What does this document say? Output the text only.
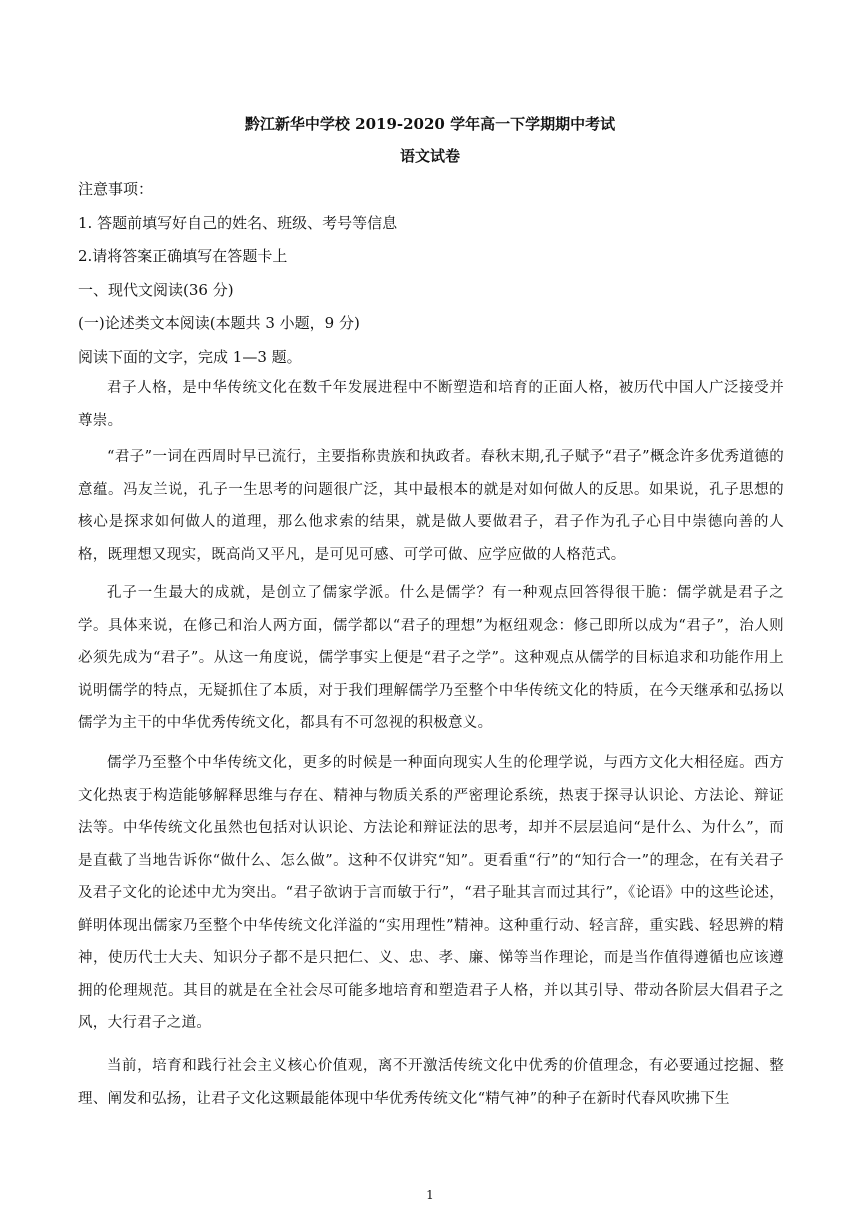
黔江新华中学校 2019-2020 学年高一下学期期中考试
语文试卷
注意事项：
1. 答题前填写好自己的姓名、班级、考号等信息
2.请将答案正确填写在答题卡上
一、现代文阅读(36 分)
(一)论述类文本阅读(本题共 3 小题，9 分)
阅读下面的文字，完成 1—3 题。
君子人格，是中华传统文化在数千年发展进程中不断塑造和培育的正面人格，被历代中国人广泛接受并尊崇。
“君子”一词在西周时早已流行，主要指称贵族和执政者。春秋末期,孔子赋予“君子”概念许多优秀道德的意蕴。冯友兰说，孔子一生思考的问题很广泛，其中最根本的就是对如何做人的反思。如果说，孔子思想的核心是探求如何做人的道理，那么他求索的结果，就是做人要做君子，君子作为孔子心目中崇德向善的人格，既理想又现实，既高尚又平凡，是可见可感、可学可做、应学应做的人格范式。
孔子一生最大的成就，是创立了儒家学派。什么是儒学？有一种观点回答得很干脆：儒学就是君子之学。具体来说，在修己和治人两方面，儒学都以“君子的理想”为枢纽观念：修己即所以成为“君子”，治人则必须先成为“君子”。从这一角度说，儒学事实上便是“君子之学”。这种观点从儒学的目标追求和功能作用上说明儒学的特点，无疑抓住了本质，对于我们理解儒学乃至整个中华传统文化的特质，在今天继承和弘扬以儒学为主干的中华优秀传统文化，都具有不可忽视的积极意义。
儒学乃至整个中华传统文化，更多的时候是一种面向现实人生的伦理学说，与西方文化大相径庭。西方文化热衷于构造能够解释思维与存在、精神与物质关系的严密理论系统，热衷于探寻认识论、方法论、辩证法等。中华传统文化虽然也包括对认识论、方法论和辩证法的思考，却并不层层追问“是什么、为什么”，而是直截了当地告诉你“做什么、怎么做”。这种不仅讲究“知”。更看重“行”的“知行合一”的理念，在有关君子及君子文化的论述中尤为突出。“君子欲讷于言而敏于行”，“君子耻其言而过其行”，《论语》中的这些论述，鲜明体现出儒家乃至整个中华传统文化洋溢的“实用理性”精神。这种重行动、轻言辞，重实践、轻思辨的精神，使历代士大夫、知识分子都不是只把仁、义、忠、孝、廉、悌等当作理论，而是当作值得遵循也应该遵拥的伦理规范。其目的就是在全社会尽可能多地培育和塑造君子人格，并以其引导、带动各阶层大倡君子之风，大行君子之道。
当前，培育和践行社会主义核心价值观，离不开激活传统文化中优秀的价值理念，有必要通过挖掘、整理、阐发和弘扬，让君子文化这颗最能体现中华优秀传统文化“精气神”的种子在新时代春风吹拂下生
1
